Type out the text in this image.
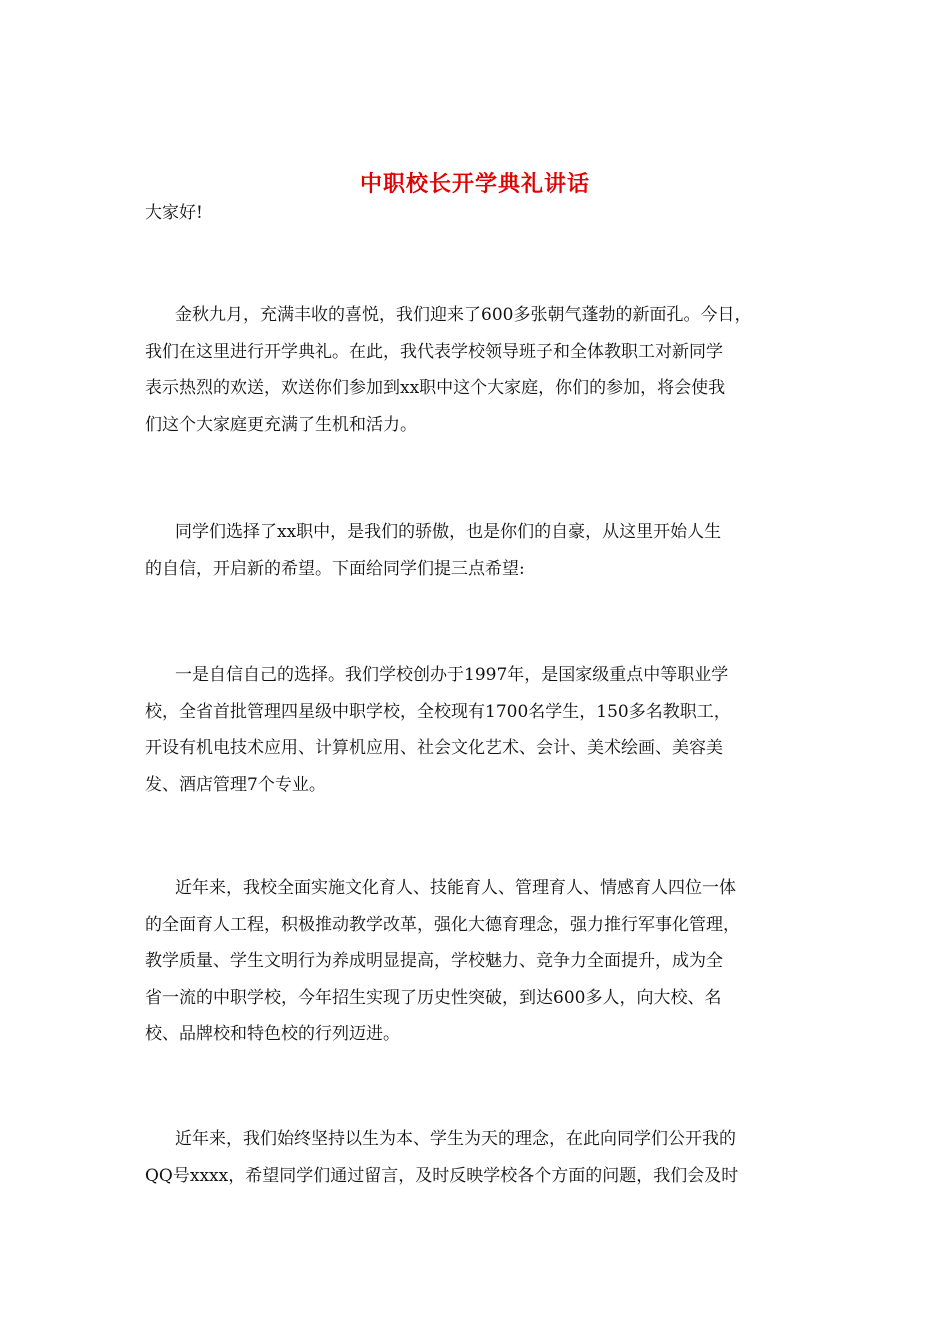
中职校长开学典礼讲话

大家好!

金秋九月，充满丰收的喜悦，我们迎来了600多张朝气蓬勃的新面孔。今日，
我们在这里进行开学典礼。在此，我代表学校领导班子和全体教职工对新同学
表示热烈的欢送，欢送你们参加到xx职中这个大家庭，你们的参加，将会使我
们这个大家庭更充满了生机和活力。

同学们选择了xx职中，是我们的骄傲，也是你们的自豪，从这里开始人生
的自信，开启新的希望。下面给同学们提三点希望:

一是自信自己的选择。我们学校创办于1997年，是国家级重点中等职业学
校，全省首批管理四星级中职学校，全校现有1700名学生，150多名教职工，
开设有机电技术应用、计算机应用、社会文化艺术、会计、美术绘画、美容美
发、酒店管理7个专业。

近年来，我校全面实施文化育人、技能育人、管理育人、情感育人四位一体
的全面育人工程，积极推动教学改革，强化大德育理念，强力推行军事化管理，
教学质量、学生文明行为养成明显提高，学校魅力、竞争力全面提升，成为全
省一流的中职学校，今年招生实现了历史性突破，到达600多人，向大校、名
校、品牌校和特色校的行列迈进。

近年来，我们始终坚持以生为本、学生为天的理念，在此向同学们公开我的
QQ号xxxx，希望同学们通过留言，及时反映学校各个方面的问题，我们会及时
